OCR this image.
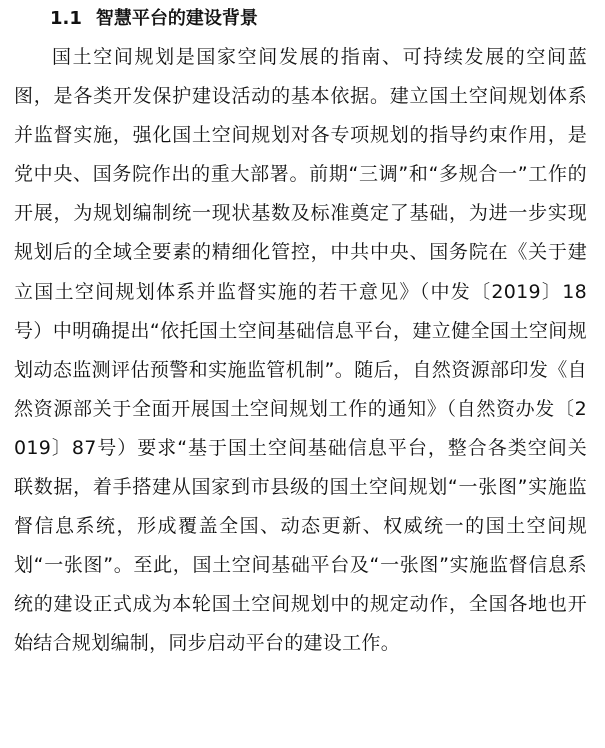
1.1 智慧平台的建设背景

国土空间规划是国家空间发展的指南、可持续发展的空间蓝图，是各类开发保护建设活动的基本依据。建立国土空间规划体系并监督实施，强化国土空间规划对各专项规划的指导约束作用，是党中央、国务院作出的重大部署。前期“三调”和“多规合一”工作的开展，为规划编制统一现状基数及标准奠定了基础，为进一步实现规划后的全域全要素的精细化管控，中共中央、国务院在《关于建立国土空间规划体系并监督实施的若干意见》（中发〔2019〕18号）中明确提出“依托国土空间基础信息平台，建立健全国土空间规划动态监测评估预警和实施监管机制”。随后，自然资源部印发《自然资源部关于全面开展国土空间规划工作的通知》（自然资办发〔2019〕87号）要求“基于国土空间基础信息平台，整合各类空间关联数据，着手搭建从国家到市县级的国土空间规划“一张图”实施监督信息系统，形成覆盖全国、动态更新、权威统一的国土空间规划“一张图”。至此，国土空间基础平台及“一张图”实施监督信息系统的建设正式成为本轮国土空间规划中的规定动作，全国各地也开始结合规划编制，同步启动平台的建设工作。
